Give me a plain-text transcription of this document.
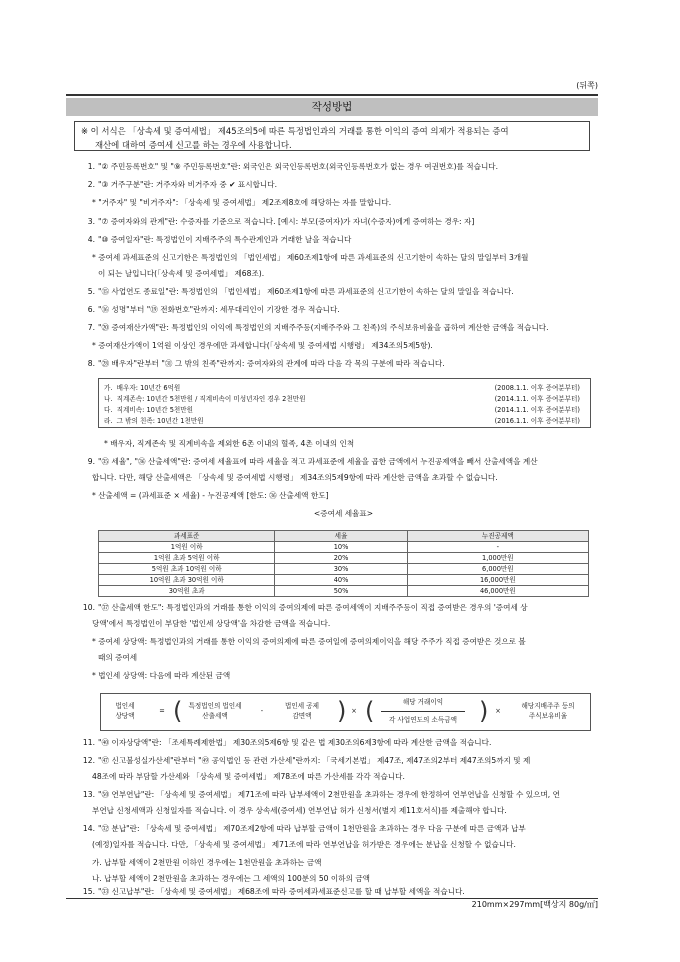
(뒤쪽)
작성방법
※ 이 서식은 「상속세 및 증여세법」 제45조의5에 따른 특정법인과의 거래를 통한 이익의 증여 의제가 적용되는 증여
재산에 대하여 증여세 신고를 하는 경우에 사용합니다.
1. "② 주민등록번호" 및 "⑨ 주민등록번호"란: 외국인은 외국인등록번호(외국인등록번호가 없는 경우 여권번호)를 적습니다.
2. "③ 거주구분"란: 거주자와 비거주자 중 ✔ 표시합니다.
* "거주자" 및 "비거주자": 「상속세 및 증여세법」 제2조제8호에 해당하는 자를 말합니다.
3. "⑦ 증여자와의 관계"란: 수증자를 기준으로 적습니다. [예시: 부모(증여자)가 자녀(수증자)에게 증여하는 경우: 자]
4. "⑩ 증여일자"란: 특정법인이 지배주주의 특수관계인과 거래한 날을 적습니다
* 증여세 과세표준의 신고기한은 특정법인의 「법인세법」 제60조제1항에 따른 과세표준의 신고기한이 속하는 달의 말일부터 3개월
이 되는 날입니다(「상속세 및 증여세법」 제68조).
5. "⑮ 사업연도 종료일"란: 특정법인의 「법인세법」 제60조제1항에 따른 과세표준의 신고기한이 속하는 달의 말일을 적습니다.
6. "⑯ 성명"부터 "⑲ 전화번호"란까지: 세무대리인이 기장한 경우 적습니다.
7. "⑳ 증여재산가액"란: 특정법인의 이익에 특정법인의 지배주주등(지배주주와 그 친족)의 주식보유비율을 곱하여 계산한 금액을 적습니다.
* 증여재산가액이 1억원 이상인 경우에만 과세합니다(「상속세 및 증여세법 시행령」 제34조의5제5항).
8. "㉘ 배우자"란부터 "㉛ 그 밖의 친족"란까지: 증여자와의 관계에 따라 다음 각 목의 구분에 따라 적습니다.
가. 배우자: 10년간 6억원	(2008.1.1. 이후 증여분부터)
나. 직계존속: 10년간 5천만원 / 직계비속이 미성년자인 경우 2천만원	(2014.1.1. 이후 증여분부터)
다. 직계비속: 10년간 5천만원	(2014.1.1. 이후 증여분부터)
라. 그 밖의 친족: 10년간 1천만원	(2016.1.1. 이후 증여분부터)
* 배우자, 직계존속 및 직계비속을 제외한 6촌 이내의 혈족, 4촌 이내의 인척
9. "㉟ 세율", "㊱ 산출세액"란: 증여세 세율표에 따라 세율을 적고 과세표준에 세율을 곱한 금액에서 누진공제액을 빼서 산출세액을 계산
합니다. 다만, 해당 산출세액은 「상속세 및 증여세법 시행령」 제34조의5제9항에 따라 계산한 금액을 초과할 수 없습니다.
* 산출세액 = (과세표준 × 세율) - 누진공제액 [한도: ㊱ 산출세액 한도]
<증여세 세율표>
과세표준	세율	누진공제액
1억원 이하	10%	-
1억원 초과 5억원 이하	20%	1,000만원
5억원 초과 10억원 이하	30%	6,000만원
10억원 초과 30억원 이하	40%	16,000만원
30억원 초과	50%	46,000만원
10. "㊲ 산출세액 한도": 특정법인과의 거래를 통한 이익의 증여의제에 따른 증여세액이 지배주주등이 직접 증여받은 경우의 '증여세 상
당액'에서 특정법인이 부담한 '법인세 상당액'을 차감한 금액을 적습니다.
* 증여세 상당액: 특정법인과의 거래를 통한 이익의 증여의제에 따른 증여일에 증여의제이익을 해당 주주가 직접 증여받은 것으로 볼
때의 증여세
* 법인세 상당액: 다음에 따라 계산된 금액
법인세
상당액
= ( 특정법인의 법인세
산출세액
-
법인세 공제
감면액	) × (	해당 거래이익
각 사업연도의 소득금액 )	×
해당지배주주 등의
주식보유비율
11. "㊵ 이자상당액"란: 「조세특례제한법」 제30조의5제6항 및 같은 법 제30조의6제3항에 따라 계산한 금액을 적습니다.
12. "㊼ 신고불성실가산세"란부터 "㊾ 공익법인 등 관련 가산세"란까지: 「국세기본법」 제47조, 제47조의2부터 제47조의5까지 및 제
48조에 따라 부담할 가산세와 「상속세 및 증여세법」 제78조에 따른 가산세를 각각 적습니다.
13. "㊿ 연부연납"란: 「상속세 및 증여세법」 제71조에 따라 납부세액이 2천만원을 초과하는 경우에 한정하여 연부연납을 신청할 수 있으며, 연
부연납 신청세액과 신청일자를 적습니다. 이 경우 상속세(증여세) 연부연납 허가 신청서(별지 제11호서식)를 제출해야 합니다.
14. "㉜ 분납"란: 「상속세 및 증여세법」 제70조제2항에 따라 납부할 금액이 1천만원을 초과하는 경우 다음 구분에 따른 금액과 납부
(예정)일자를 적습니다. 다만, 「상속세 및 증여세법」 제71조에 따라 연부연납을 허가받은 경우에는 분납을 신청할 수 없습니다.
가. 납부할 세액이 2천만원 이하인 경우에는 1천만원을 초과하는 금액
나. 납부할 세액이 2천만원을 초과하는 경우에는 그 세액의 100분의 50 이하의 금액
15. "㉝ 신고납부"란: 「상속세 및 증여세법」 제68조에 따라 증여세과세표준신고를 할 때 납부할 세액을 적습니다.
210mm×297mm[백상지 80g/㎡]
